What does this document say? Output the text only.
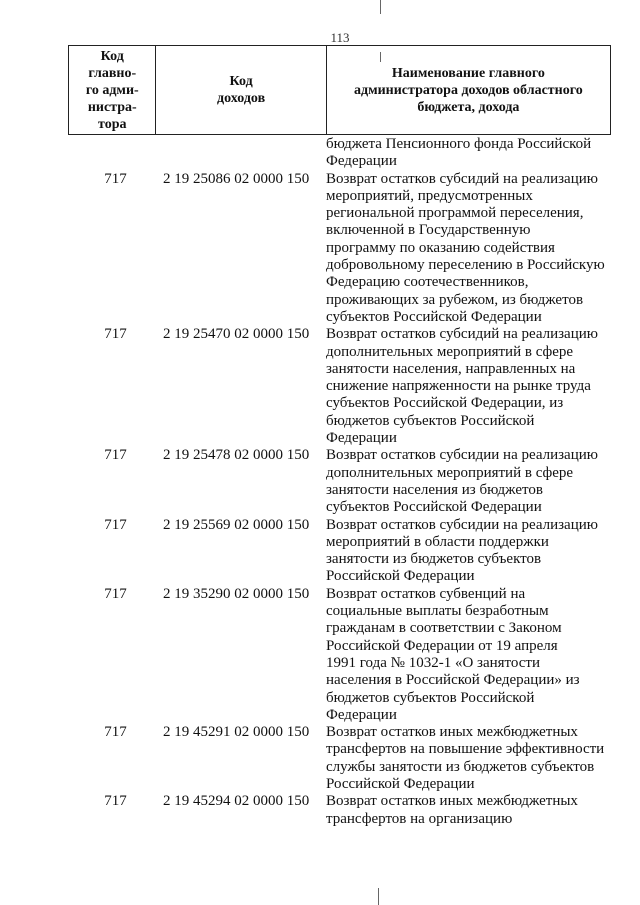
113
Код
главно-
го адми-
нистра-
тора

Код
доходов

Наименование главного
администратора доходов областного
бюджета, дохода
бюджета Пенсионного фонда Российской
Федерации
717	2 19 25086 02 0000 150	Возврат остатков субсидий на реализацию
мероприятий, предусмотренных
региональной программой переселения,
включенной в Государственную
программу по оказанию содействия
добровольному переселению в Российскую
Федерацию соотечественников,
проживающих за рубежом, из бюджетов
субъектов Российской Федерации
717	2 19 25470 02 0000 150	Возврат остатков субсидий на реализацию
дополнительных мероприятий в сфере
занятости населения, направленных на
снижение напряженности на рынке труда
субъектов Российской Федерации, из
бюджетов субъектов Российской
Федерации
717	2 19 25478 02 0000 150	Возврат остатков субсидии на реализацию
дополнительных мероприятий в сфере
занятости населения из бюджетов
субъектов Российской Федерации
717	2 19 25569 02 0000 150	Возврат остатков субсидии на реализацию
мероприятий в области поддержки
занятости из бюджетов субъектов
Российской Федерации
717	2 19 35290 02 0000 150	Возврат остатков субвенций на
социальные выплаты безработным
гражданам в соответствии с Законом
Российской Федерации от 19 апреля
1991 года № 1032-1 «О занятости
населения в Российской Федерации» из
бюджетов субъектов Российской
Федерации
717	2 19 45291 02 0000 150	Возврат остатков иных межбюджетных
трансфертов на повышение эффективности
службы занятости из бюджетов субъектов
Российской Федерации
717	2 19 45294 02 0000 150	Возврат остатков иных межбюджетных
трансфертов на организацию
